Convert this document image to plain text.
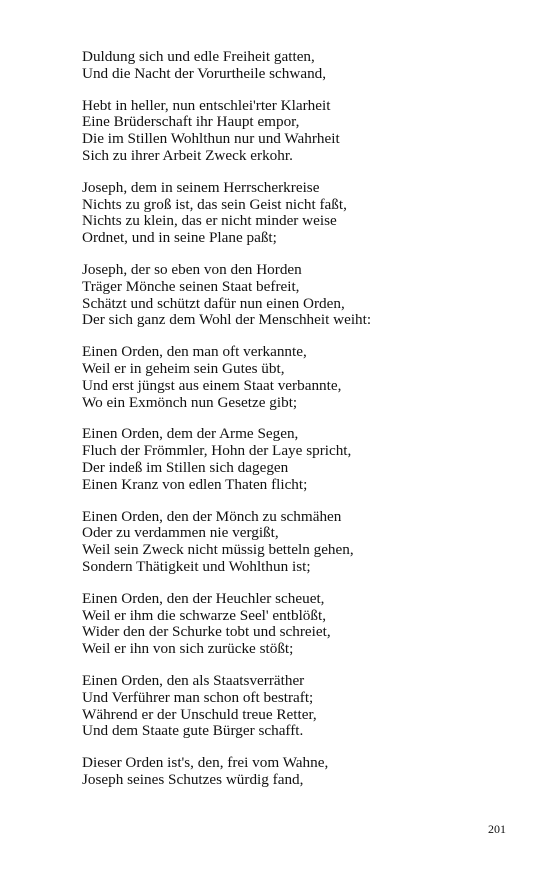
Duldung sich und edle Freiheit gatten,
Und die Nacht der Vorurtheile schwand,
Hebt in heller, nun entschlei'rter Klarheit
Eine Brüderschaft ihr Haupt empor,
Die im Stillen Wohlthun nur und Wahrheit
Sich zu ihrer Arbeit Zweck erkohr.
Joseph, dem in seinem Herrscherkreise
Nichts zu groß ist, das sein Geist nicht faßt,
Nichts zu klein, das er nicht minder weise
Ordnet, und in seine Plane paßt;
Joseph, der so eben von den Horden
Träger Mönche seinen Staat befreit,
Schätzt und schützt dafür nun einen Orden,
Der sich ganz dem Wohl der Menschheit weiht:
Einen Orden, den man oft verkannte,
Weil er in geheim sein Gutes übt,
Und erst jüngst aus einem Staat verbannte,
Wo ein Exmönch nun Gesetze gibt;
Einen Orden, dem der Arme Segen,
Fluch der Frömmler, Hohn der Laye spricht,
Der indeß im Stillen sich dagegen
Einen Kranz von edlen Thaten flicht;
Einen Orden, den der Mönch zu schmähen
Oder zu verdammen nie vergißt,
Weil sein Zweck nicht müssig betteln gehen,
Sondern Thätigkeit und Wohlthun ist;
Einen Orden, den der Heuchler scheuet,
Weil er ihm die schwarze Seel' entblößt,
Wider den der Schurke tobt und schreiet,
Weil er ihn von sich zurücke stößt;
Einen Orden, den als Staatsverräther
Und Verführer man schon oft bestraft;
Während er der Unschuld treue Retter,
Und dem Staate gute Bürger schafft.
Dieser Orden ist's, den, frei vom Wahne,
Joseph seines Schutzes würdig fand,
201
